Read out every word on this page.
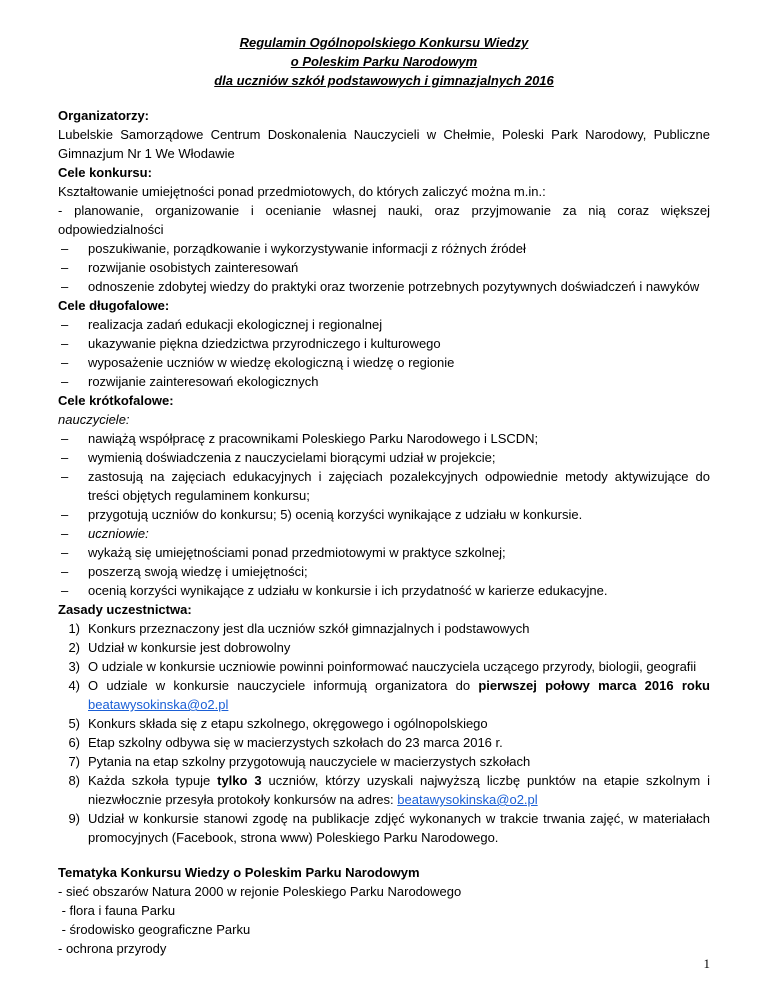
Regulamin Ogólnopolskiego Konkursu Wiedzy
o Poleskim Parku Narodowym
dla uczniów szkół podstawowych i gimnazjalnych 2016
Organizatorzy:
Lubelskie Samorządowe Centrum Doskonalenia Nauczycieli w Chełmie, Poleski Park Narodowy, Publiczne Gimnazjum Nr 1 We Włodawie
Cele konkursu:
Kształtowanie umiejętności ponad przedmiotowych, do których zaliczyć można m.in.:
- planowanie, organizowanie i ocenianie własnej nauki, oraz przyjmowanie za nią coraz większej odpowiedzialności
– poszukiwanie, porządkowanie i wykorzystywanie informacji z różnych źródeł
– rozwijanie osobistych zainteresowań
– odnoszenie zdobytej wiedzy do praktyki oraz tworzenie potrzebnych pozytywnych doświadczeń i nawyków
Cele długofalowe:
– realizacja zadań edukacji ekologicznej i regionalnej
– ukazywanie piękna dziedzictwa przyrodniczego i kulturowego
– wyposażenie uczniów w wiedzę ekologiczną i wiedzę o regionie
– rozwijanie zainteresowań ekologicznych
Cele krótkofalowe:
nauczyciele:
– nawiążą współpracę z pracownikami Poleskiego Parku Narodowego i LSCDN;
– wymienią doświadczenia z nauczycielami biorącymi udział w projekcie;
– zastosują na zajęciach edukacyjnych i zajęciach pozalekcyjnych odpowiednie metody aktywizujące do treści objętych regulaminem konkursu;
– przygotują uczniów do konkursu; 5) ocenią korzyści wynikające z udziału w konkursie.
– uczniowie:
– wykażą się umiejętnościami ponad przedmiotowymi w praktyce szkolnej;
– poszerzą swoją wiedzę i umiejętności;
– ocenią korzyści wynikające z udziału w konkursie i ich przydatność w karierze edukacyjne.
Zasady uczestnictwa:
1) Konkurs przeznaczony jest dla uczniów szkół gimnazjalnych i podstawowych
2) Udział w konkursie jest dobrowolny
3) O udziale w konkursie uczniowie powinni poinformować nauczyciela uczącego przyrody, biologii, geografii
4) O udziale w konkursie nauczyciele informują organizatora do pierwszej połowy marca 2016 roku beatawysokinska@o2.pl
5) Konkurs składa się z etapu szkolnego, okręgowego i ogólnopolskiego
6) Etap szkolny odbywa się w macierzystych szkołach do 23 marca 2016 r.
7) Pytania na etap szkolny przygotowują nauczyciele w macierzystych szkołach
8) Każda szkoła typuje tylko 3 uczniów, którzy uzyskali najwyższą liczbę punktów na etapie szkolnym i niezwłocznie przesyła protokoły konkursów na adres: beatawysokinska@o2.pl
9) Udział w konkursie stanowi zgodę na publikacje zdjęć wykonanych w trakcie trwania zajęć, w materiałach promocyjnych (Facebook, strona www) Poleskiego Parku Narodowego.
Tematyka Konkursu Wiedzy o Poleskim Parku Narodowym
- sieć obszarów Natura 2000 w rejonie Poleskiego Parku Narodowego
- flora i fauna Parku
- środowisko geograficzne Parku
- ochrona przyrody
1
